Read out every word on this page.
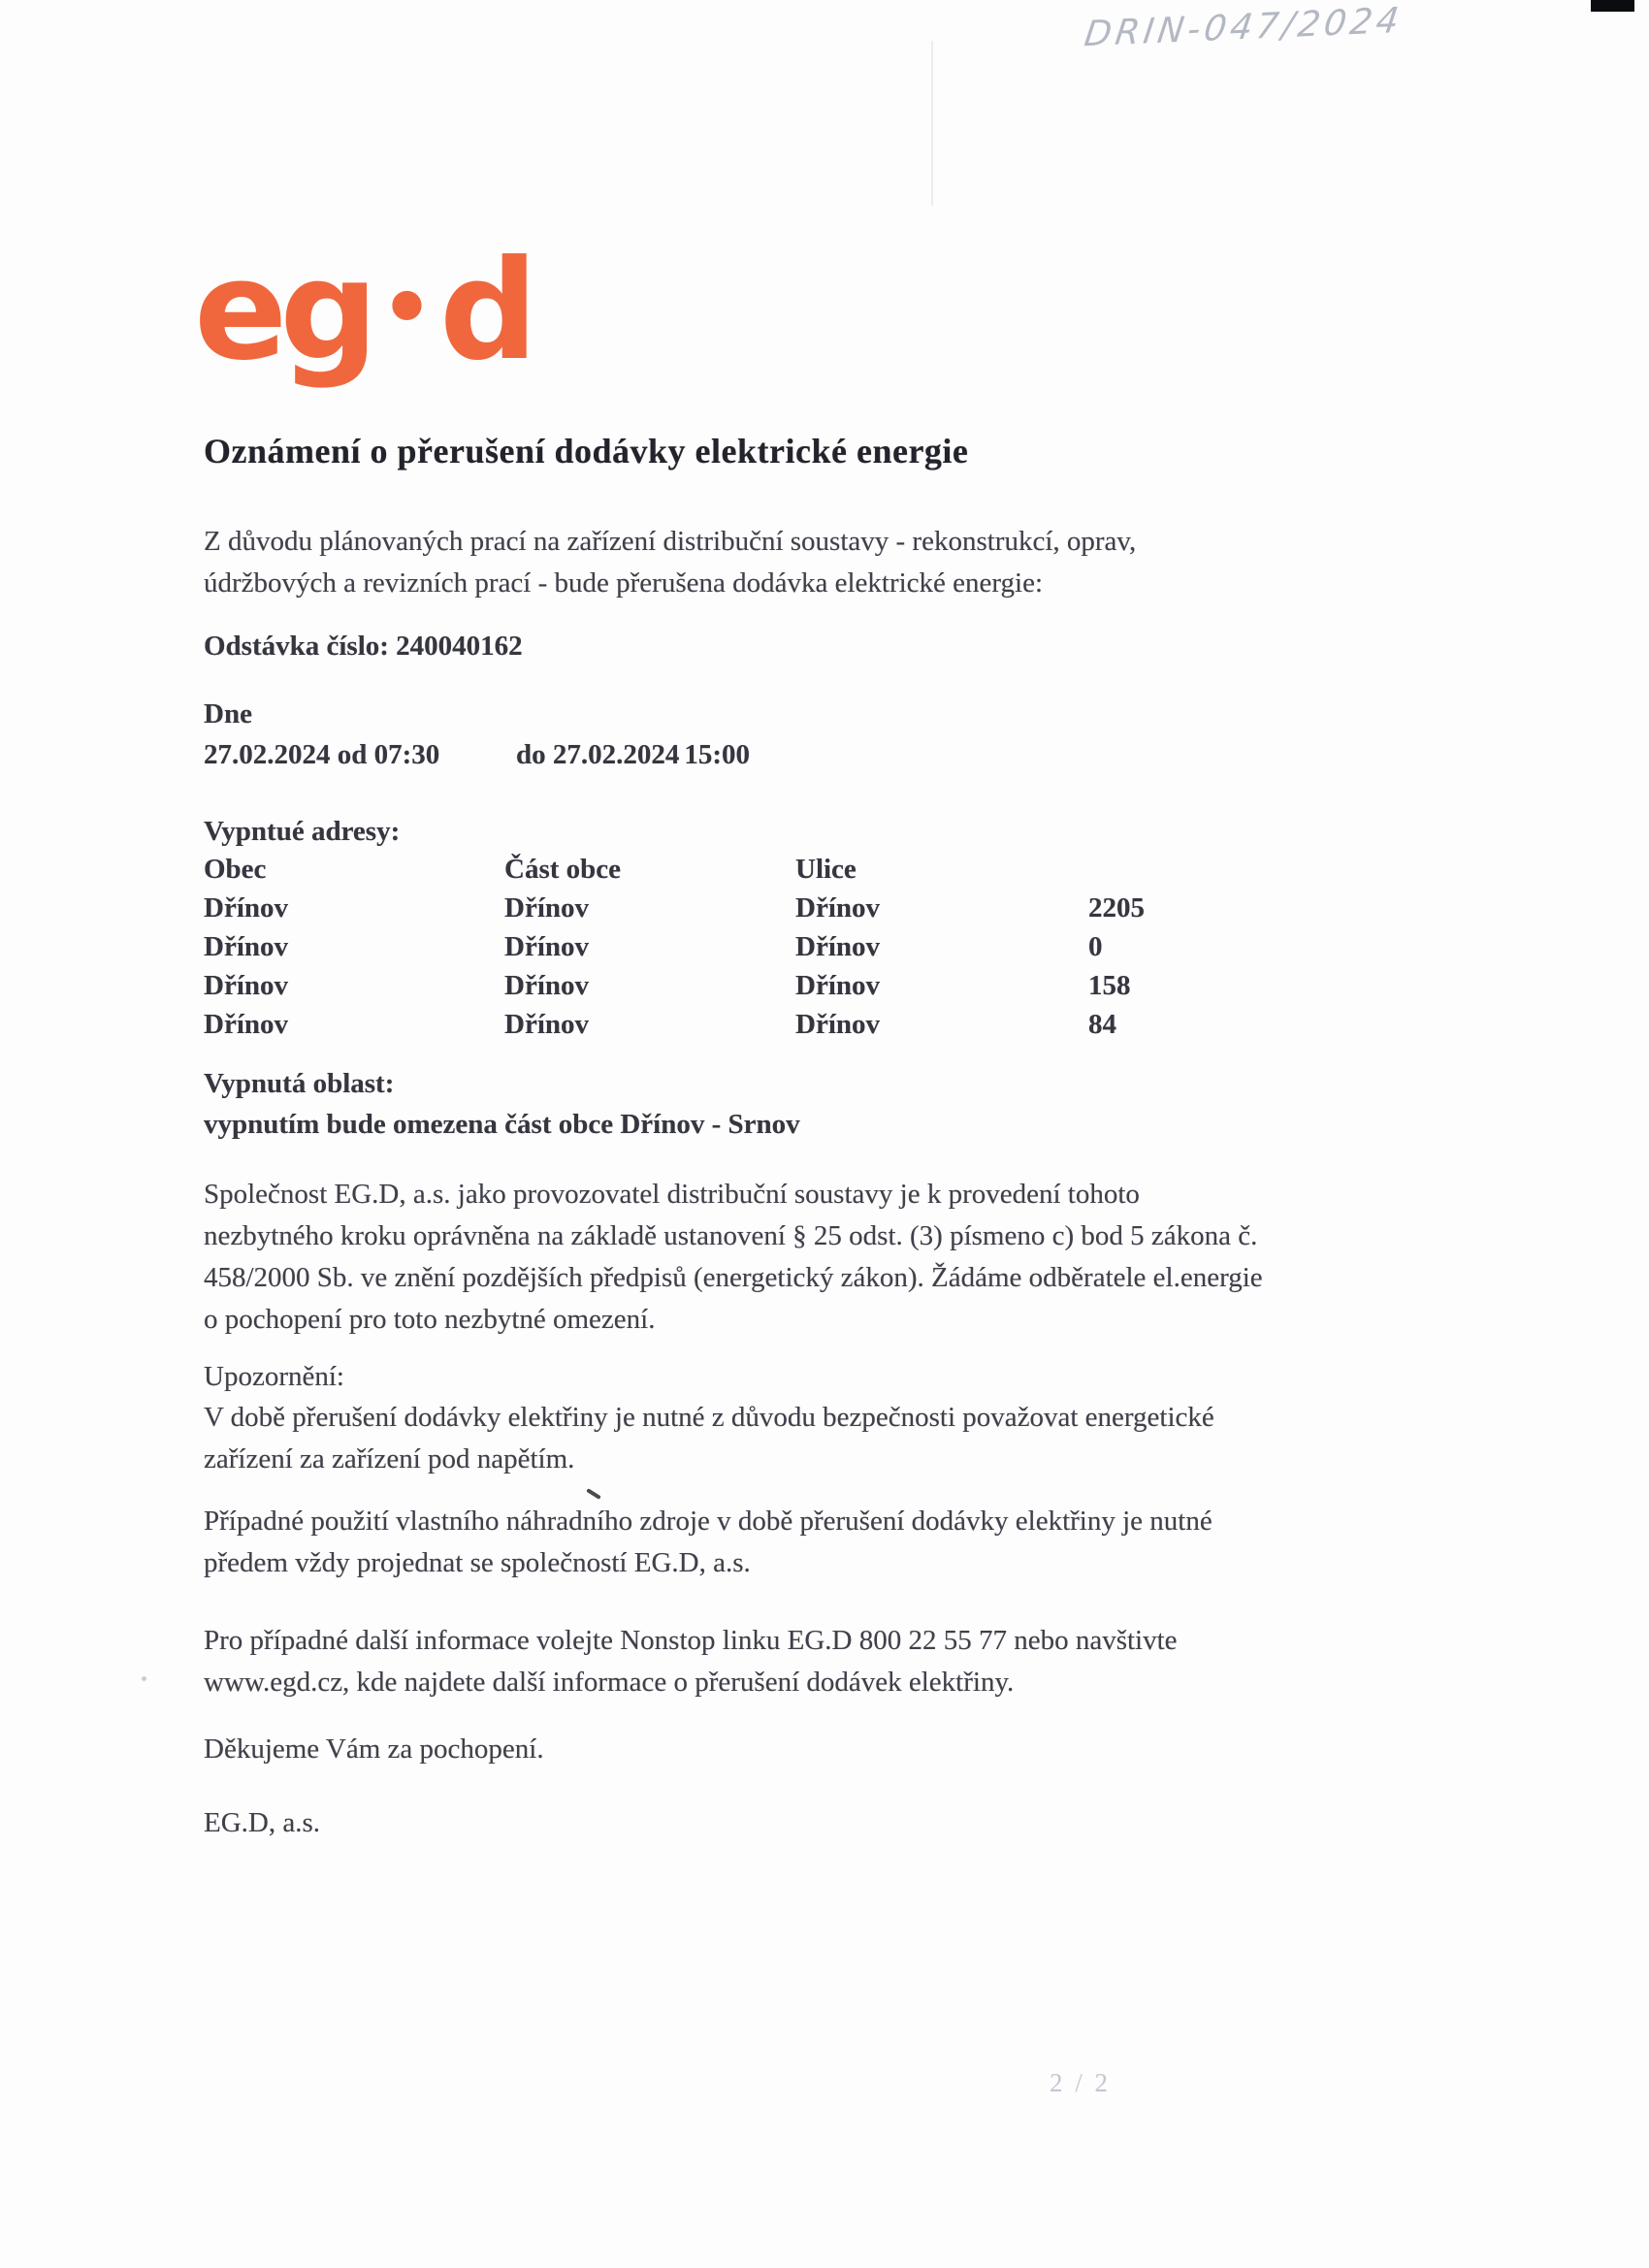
DRIN-047/2024
eg •d
Oznámení o přerušení dodávky elektrické energie
Z důvodu plánovaných prací na zařízení distribuční soustavy - rekonstrukcí, oprav,
údržbových a revizních prací - bude přerušena dodávka elektrické energie:
Odstávka číslo: 240040162
Dne
27.02.2024 od 07:30	do 27.02.2024 15:00
Vypntué adresy:
Obec	Část obce	Ulice
Dřínov	Dřínov	Dřínov	2205
Dřínov	Dřínov	Dřínov	0
Dřínov	Dřínov	Dřínov	158
Dřínov	Dřínov	Dřínov	84
Vypnutá oblast:
vypnutím bude omezena část obce Dřínov - Srnov
Společnost EG.D, a.s. jako provozovatel distribuční soustavy je k provedení tohoto
nezbytného kroku oprávněna na základě ustanovení § 25 odst. (3) písmeno c) bod 5 zákona č.
458/2000 Sb. ve znění pozdějších předpisů (energetický zákon). Žádáme odběratele el.energie
o pochopení pro toto nezbytné omezení.
Upozornění:
V době přerušení dodávky elektřiny je nutné z důvodu bezpečnosti považovat energetické
zařízení za zařízení pod napětím.
Případné použití vlastního náhradního zdroje v době přerušení dodávky elektřiny je nutné
předem vždy projednat se společností EG.D, a.s.
Pro případné další informace volejte Nonstop linku EG.D 800 22 55 77 nebo navštivte
www.egd.cz, kde najdete další informace o přerušení dodávek elektřiny.
Děkujeme Vám za pochopení.
EG.D, a.s.
2 / 2
